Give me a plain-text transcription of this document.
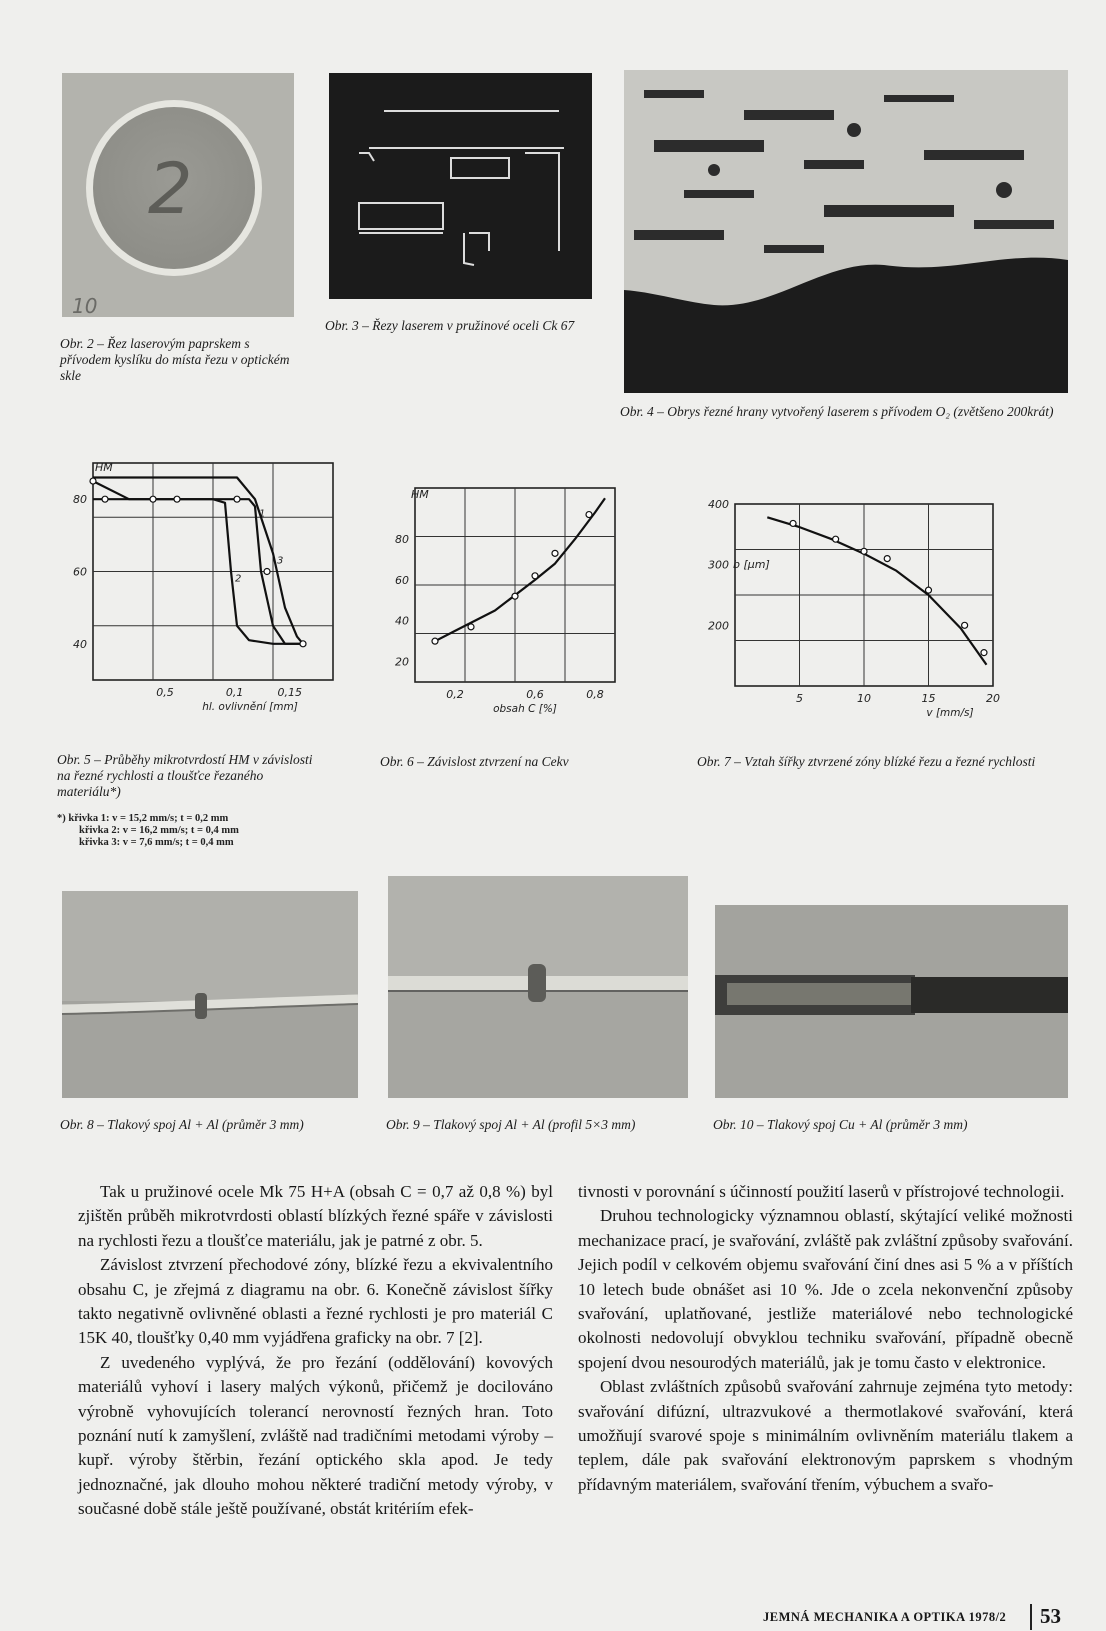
2
10
Obr. 2 – Řez laserovým paprskem s přívodem kyslíku do místa řezu v optickém skle
Obr. 3 – Řezy laserem v pružinové oceli Ck 67
Obr. 4 – Obrys řezné hrany vytvořený laserem s přívodem O₂ (zvětšeno 200krát)
40
60
80
0,5	0,1	0,15
hl. ovlivnění [mm]
HM
1
2
3
20
40
60
80
0,2	0,6	0,8
obsah C [%]
HM
200
300
400
5	10	15	20
v [mm/s]
b [µm]
Obr. 5 – Průběhy mikrotvrdostí HM v závislosti na řezné rychlosti a tloušťce řezaného materiálu*)
*) křivka 1: v = 15,2 mm/s; t = 0,2 mm
křivka 2: v = 16,2 mm/s; t = 0,4 mm
křivka 3: v = 7,6 mm/s; t = 0,4 mm
Obr. 6 – Závislost ztvrzení na Cekv	Obr. 7 – Vztah šířky ztvrzené zóny blízké řezu a řezné rychlosti
Obr. 8 – Tlakový spoj Al + Al (průměr 3 mm)	Obr. 9 – Tlakový spoj Al + Al (profil 5×3 mm)	Obr. 10 – Tlakový spoj Cu + Al (průměr 3 mm)

Tak u pružinové ocele Mk 75 H+A (obsah C = 0,7 až 0,8 %) byl zjištěn průběh mikrotvrdosti oblastí blízkých řezné spáře v závislosti na rychlosti řezu a tloušťce materiálu, jak je patrné z obr. 5.

Závislost ztvrzení přechodové zóny, blízké řezu a ekvivalentního obsahu C, je zřejmá z diagramu na obr. 6. Konečně závislost šířky takto negativně ovlivněné oblasti a řezné rychlosti je pro materiál C 15K 40, tloušťky 0,40 mm vyjádřena graficky na obr. 7 [2].

Z uvedeného vyplývá, že pro řezání (oddělování) kovových materiálů vyhoví i lasery malých výkonů, přičemž je docilováno výrobně vyhovujících tolerancí nerovností řezných hran. Toto poznání nutí k zamyšlení, zvláště nad tradičními metodami výroby – kupř. výroby štěrbin, řezání optického skla apod. Je tedy jednoznačné, jak dlouho mohou některé tradiční metody výroby, v současné době stále ještě používané, obstát kritériím efek-

tivnosti v porovnání s účinností použití laserů v přístrojové technologii.

Druhou technologicky významnou oblastí, skýtající veliké možnosti mechanizace prací, je svařování, zvláště pak zvláštní způsoby svařování. Jejich podíl v celkovém objemu svařování činí dnes asi 5 % a v příštích 10 letech bude obnášet asi 10 %. Jde o zcela nekonvenční způsoby svařování, uplatňované, jestliže materiálové nebo technologické okolnosti nedovolují obvyklou techniku svařování, případně obecně spojení dvou nesourodých materiálů, jak je tomu často v elektronice.

Oblast zvláštních způsobů svařování zahrnuje zejména tyto metody: svařování difúzní, ultrazvukové a thermotlakové svařování, která umožňují svarové spoje s minimálním ovlivněním materiálu tlakem a teplem, dále pak svařování elektronovým paprskem s vhodným přídavným materiálem, svařování třením, výbuchem a svařo-

JEMNÁ MECHANIKA A OPTIKA 1978/2 53
